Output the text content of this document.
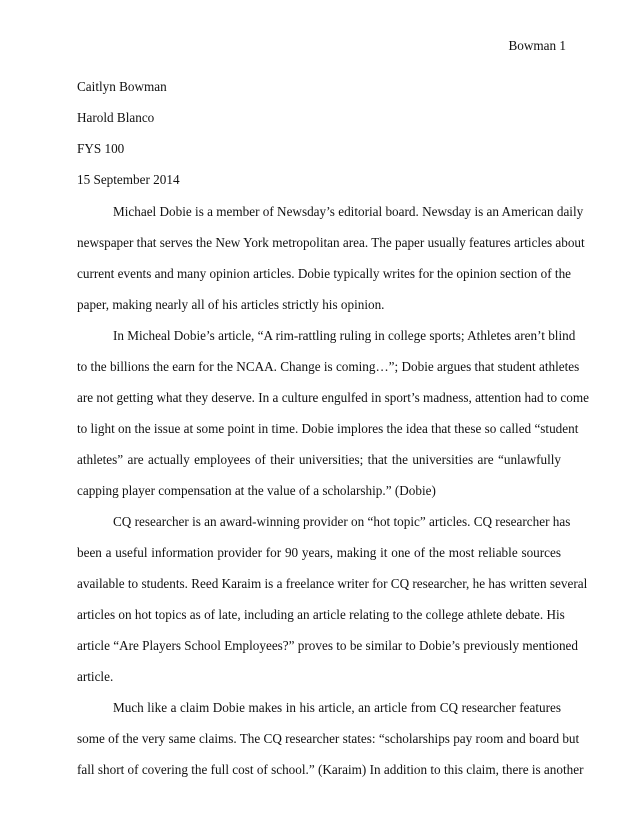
Bowman 1
Caitlyn Bowman
Harold Blanco
FYS 100
15 September 2014
Michael Dobie is a member of Newsday’s editorial board. Newsday is an American daily
newspaper that serves the New York metropolitan area. The paper usually features articles about
current events and many opinion articles. Dobie typically writes for the opinion section of the
paper, making nearly all of his articles strictly his opinion.
In Micheal Dobie’s article, “A rim-rattling ruling in college sports; Athletes aren’t blind
to the billions the earn for the NCAA. Change is coming…”; Dobie argues that student athletes
are not getting what they deserve. In a culture engulfed in sport’s madness, attention had to come
to light on the issue at some point in time. Dobie implores the idea that these so called “student
athletes” are actually employees of their universities; that the universities are “unlawfully
capping player compensation at the value of a scholarship.” (Dobie)
CQ researcher is an award-winning provider on “hot topic” articles. CQ researcher has
been a useful information provider for 90 years, making it one of the most reliable sources
available to students. Reed Karaim is a freelance writer for CQ researcher, he has written several
articles on hot topics as of late, including an article relating to the college athlete debate. His
article “Are Players School Employees?” proves to be similar to Dobie’s previously mentioned
article.
Much like a claim Dobie makes in his article, an article from CQ researcher features
some of the very same claims. The CQ researcher states: “scholarships pay room and board but
fall short of covering the full cost of school.” (Karaim) In addition to this claim, there is another
